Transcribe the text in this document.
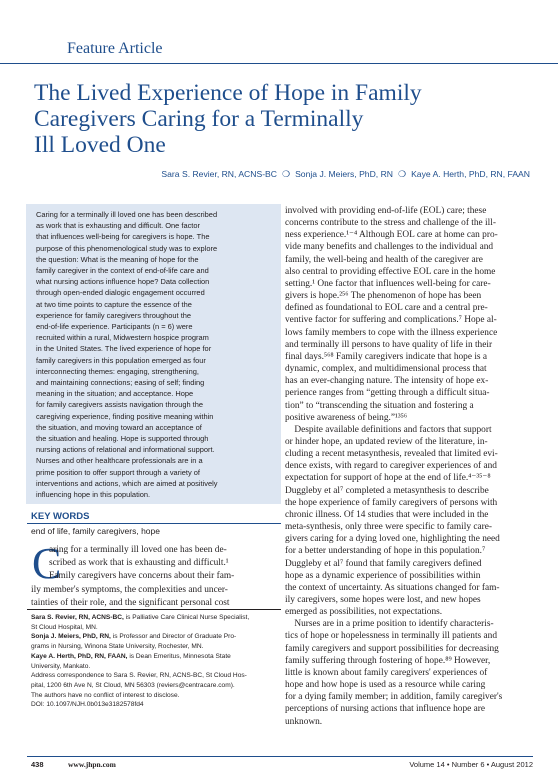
Feature Article
The Lived Experience of Hope in Family
Caregivers Caring for a Terminally
Ill Loved One
Sara S. Revier, RN, ACNS-BC ❍ Sonja J. Meiers, PhD, RN ❍ Kaye A. Herth, PhD, RN, FAAN
Caring for a terminally ill loved one has been described
as work that is exhausting and difficult. One factor
that influences well-being for caregivers is hope. The
purpose of this phenomenological study was to explore
the question: What is the meaning of hope for the
family caregiver in the context of end-of-life care and
what nursing actions influence hope? Data collection
through open-ended dialogic engagement occurred
at two time points to capture the essence of the
experience for family caregivers throughout the
end-of-life experience. Participants (n = 6) were
recruited within a rural, Midwestern hospice program
in the United States. The lived experience of hope for
family caregivers in this population emerged as four
interconnecting themes: engaging, strengthening,
and maintaining connections; easing of self; finding
meaning in the situation; and acceptance. Hope
for family caregivers assists navigation through the
caregiving experience, finding positive meaning within
the situation, and moving toward an acceptance of
the situation and healing. Hope is supported through
nursing actions of relational and informational support.
Nurses and other healthcare professionals are in a
prime position to offer support through a variety of
interventions and actions, which are aimed at positively
influencing hope in this population.
KEY WORDS
end of life, family caregivers, hope
C
aring for a terminally ill loved one has been de-
scribed as work that is exhausting and difficult.¹
Family caregivers have concerns about their fam-
ily member's symptoms, the complexities and uncer-
tainties of their role, and the significant personal cost
Sara S. Revier, RN, ACNS-BC, is Palliative Care Clinical Nurse Specialist,
St Cloud Hospital, MN.
Sonja J. Meiers, PhD, RN, is Professor and Director of Graduate Pro-
grams in Nursing, Winona State University, Rochester, MN.
Kaye A. Herth, PhD, RN, FAAN, is Dean Emeritus, Minnesota State
University, Mankato.
Address correspondence to Sara S. Revier, RN, ACNS-BC, St Cloud Hos-
pital, 1200 6th Ave N, St Cloud, MN 56303 (reviers@centracare.com).
The authors have no conflict of interest to disclose.
DOI: 10.1097/NJH.0b013e3182578fd4
involved with providing end-of-life (EOL) care; these
concerns contribute to the stress and challenge of the ill-
ness experience.¹⁻⁴ Although EOL care at home can pro-
vide many benefits and challenges to the individual and
family, the well-being and health of the caregiver are
also central to providing effective EOL care in the home
setting.¹ One factor that influences well-being for care-
givers is hope.²⁵⁶ The phenomenon of hope has been
defined as foundational to EOL care and a central pre-
ventive factor for suffering and complications.⁷ Hope al-
lows family members to cope with the illness experience
and terminally ill persons to have quality of life in their
final days.⁵⁶⁸ Family caregivers indicate that hope is a
dynamic, complex, and multidimensional process that
has an ever-changing nature. The intensity of hope ex-
perience ranges from “getting through a difficult situa-
tion” to “transcending the situation and fostering a
positive awareness of being.”¹³⁵⁶
Despite available definitions and factors that support
or hinder hope, an updated review of the literature, in-
cluding a recent metasynthesis, revealed that limited evi-
dence exists, with regard to caregiver experiences of and
expectation for support of hope at the end of life.⁴⁻³⁵⁻⁸
Duggleby et al⁷ completed a metasynthesis to describe
the hope experience of family caregivers of persons with
chronic illness. Of 14 studies that were included in the
meta-synthesis, only three were specific to family care-
givers caring for a dying loved one, highlighting the need
for a better understanding of hope in this population.⁷
Duggleby et al⁷ found that family caregivers defined
hope as a dynamic experience of possibilities within
the context of uncertainty. As situations changed for fam-
ily caregivers, some hopes were lost, and new hopes
emerged as possibilities, not expectations.
Nurses are in a prime position to identify characteris-
tics of hope or hopelessness in terminally ill patients and
family caregivers and support possibilities for decreasing
family suffering through fostering of hope.⁸⁹ However,
little is known about family caregivers' experiences of
hope and how hope is used as a resource while caring
for a dying family member; in addition, family caregiver's
perceptions of nursing actions that influence hope are
unknown.
438	www.jhpn.com	Volume 14 • Number 6 • August 2012
